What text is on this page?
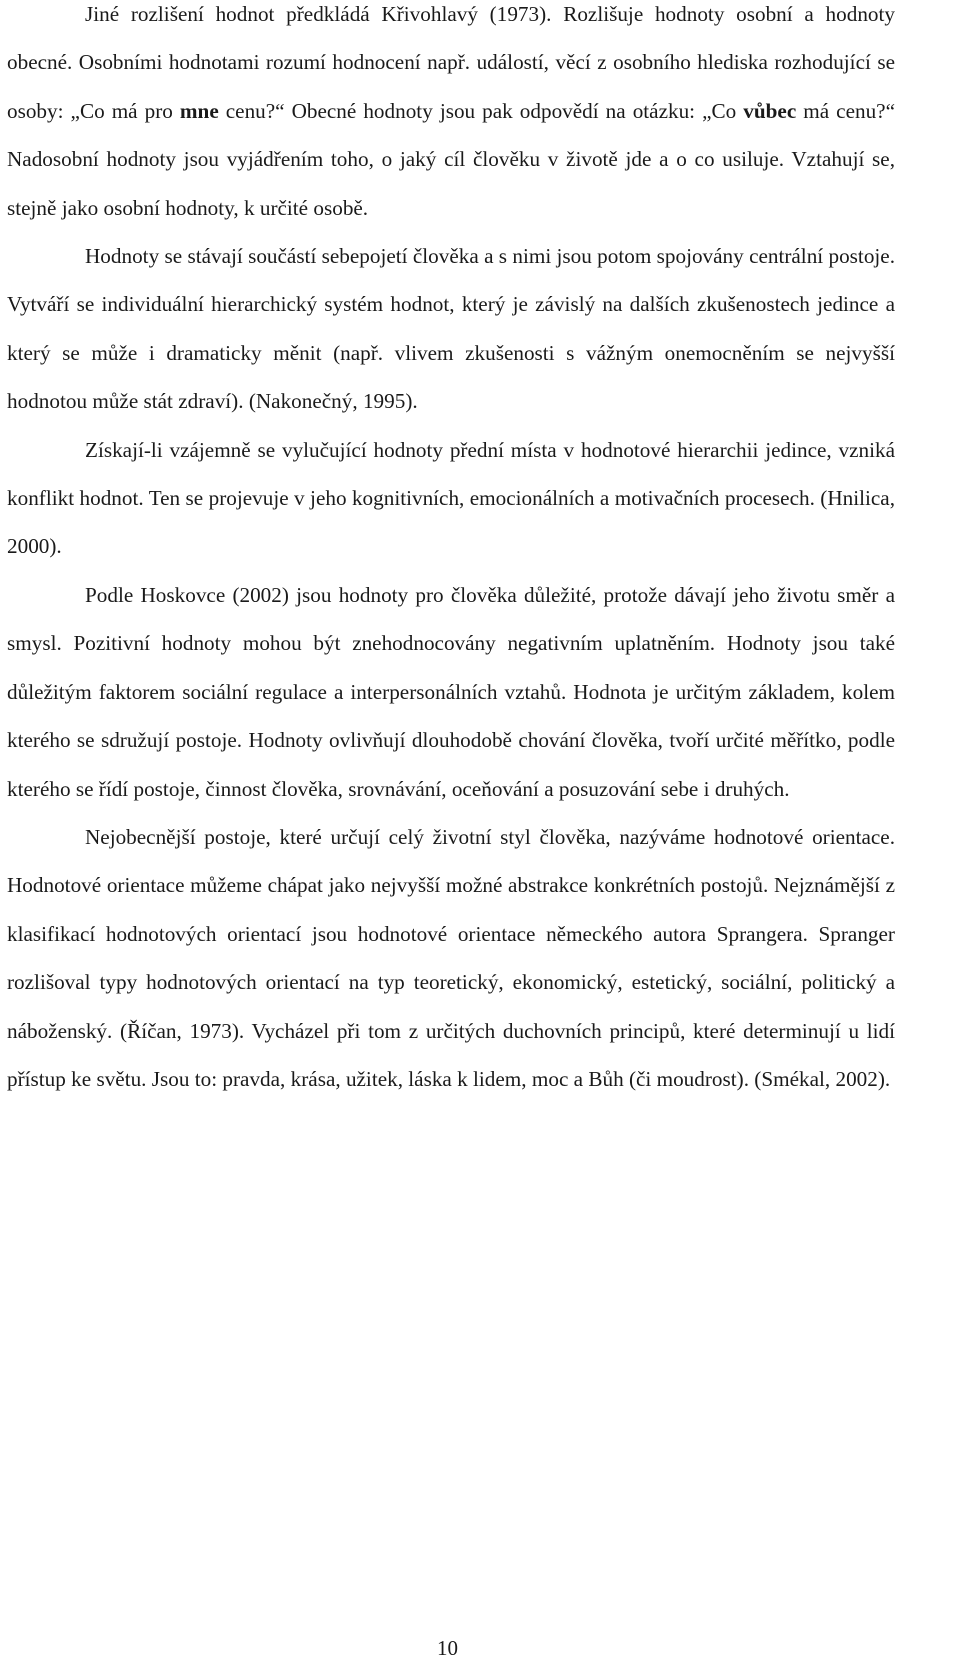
Jiné rozlišení hodnot předkládá Křivohlavý (1973). Rozlišuje hodnoty osobní a hodnoty obecné. Osobními hodnotami rozumí hodnocení např. událostí, věcí z osobního hlediska rozhodující se osoby: „Co má pro mne cenu?“ Obecné hodnoty jsou pak odpovědí na otázku: „Co vůbec má cenu?“ Nadosobní hodnoty jsou vyjádřením toho, o jaký cíl člověku v životě jde a o co usiluje. Vztahují se, stejně jako osobní hodnoty, k určité osobě.

Hodnoty se stávají součástí sebepojetí člověka a s nimi jsou potom spojovány centrální postoje. Vytváří se individuální hierarchický systém hodnot, který je závislý na dalších zkušenostech jedince a který se může i dramaticky měnit (např. vlivem zkušenosti s vážným onemocněním se nejvyšší hodnotou může stát zdraví). (Nakonečný, 1995).

Získají-li vzájemně se vylučující hodnoty přední místa v hodnotové hierarchii jedince, vzniká konflikt hodnot. Ten se projevuje v jeho kognitivních, emocionálních a motivačních procesech. (Hnilica, 2000).

Podle Hoskovce (2002) jsou hodnoty pro člověka důležité, protože dávají jeho životu směr a smysl. Pozitivní hodnoty mohou být znehodnocovány negativním uplatněním. Hodnoty jsou také důležitým faktorem sociální regulace a interpersonálních vztahů. Hodnota je určitým základem, kolem kterého se sdružují postoje. Hodnoty ovlivňují dlouhodobě chování člověka, tvoří určité měřítko, podle kterého se řídí postoje, činnost člověka, srovnávání, oceňování a posuzování sebe i druhých.

Nejobecnější postoje, které určují celý životní styl člověka, nazýváme hodnotové orientace. Hodnotové orientace můžeme chápat jako nejvyšší možné abstrakce konkrétních postojů. Nejznámější z klasifikací hodnotových orientací jsou hodnotové orientace německého autora Sprangera. Spranger rozlišoval typy hodnotových orientací na typ teoretický, ekonomický, estetický, sociální, politický a náboženský. (Říčan, 1973). Vycházel při tom z určitých duchovních principů, které determinují u lidí přístup ke světu. Jsou to: pravda, krása, užitek, láska k lidem, moc a Bůh (či moudrost). (Smékal, 2002).

10
